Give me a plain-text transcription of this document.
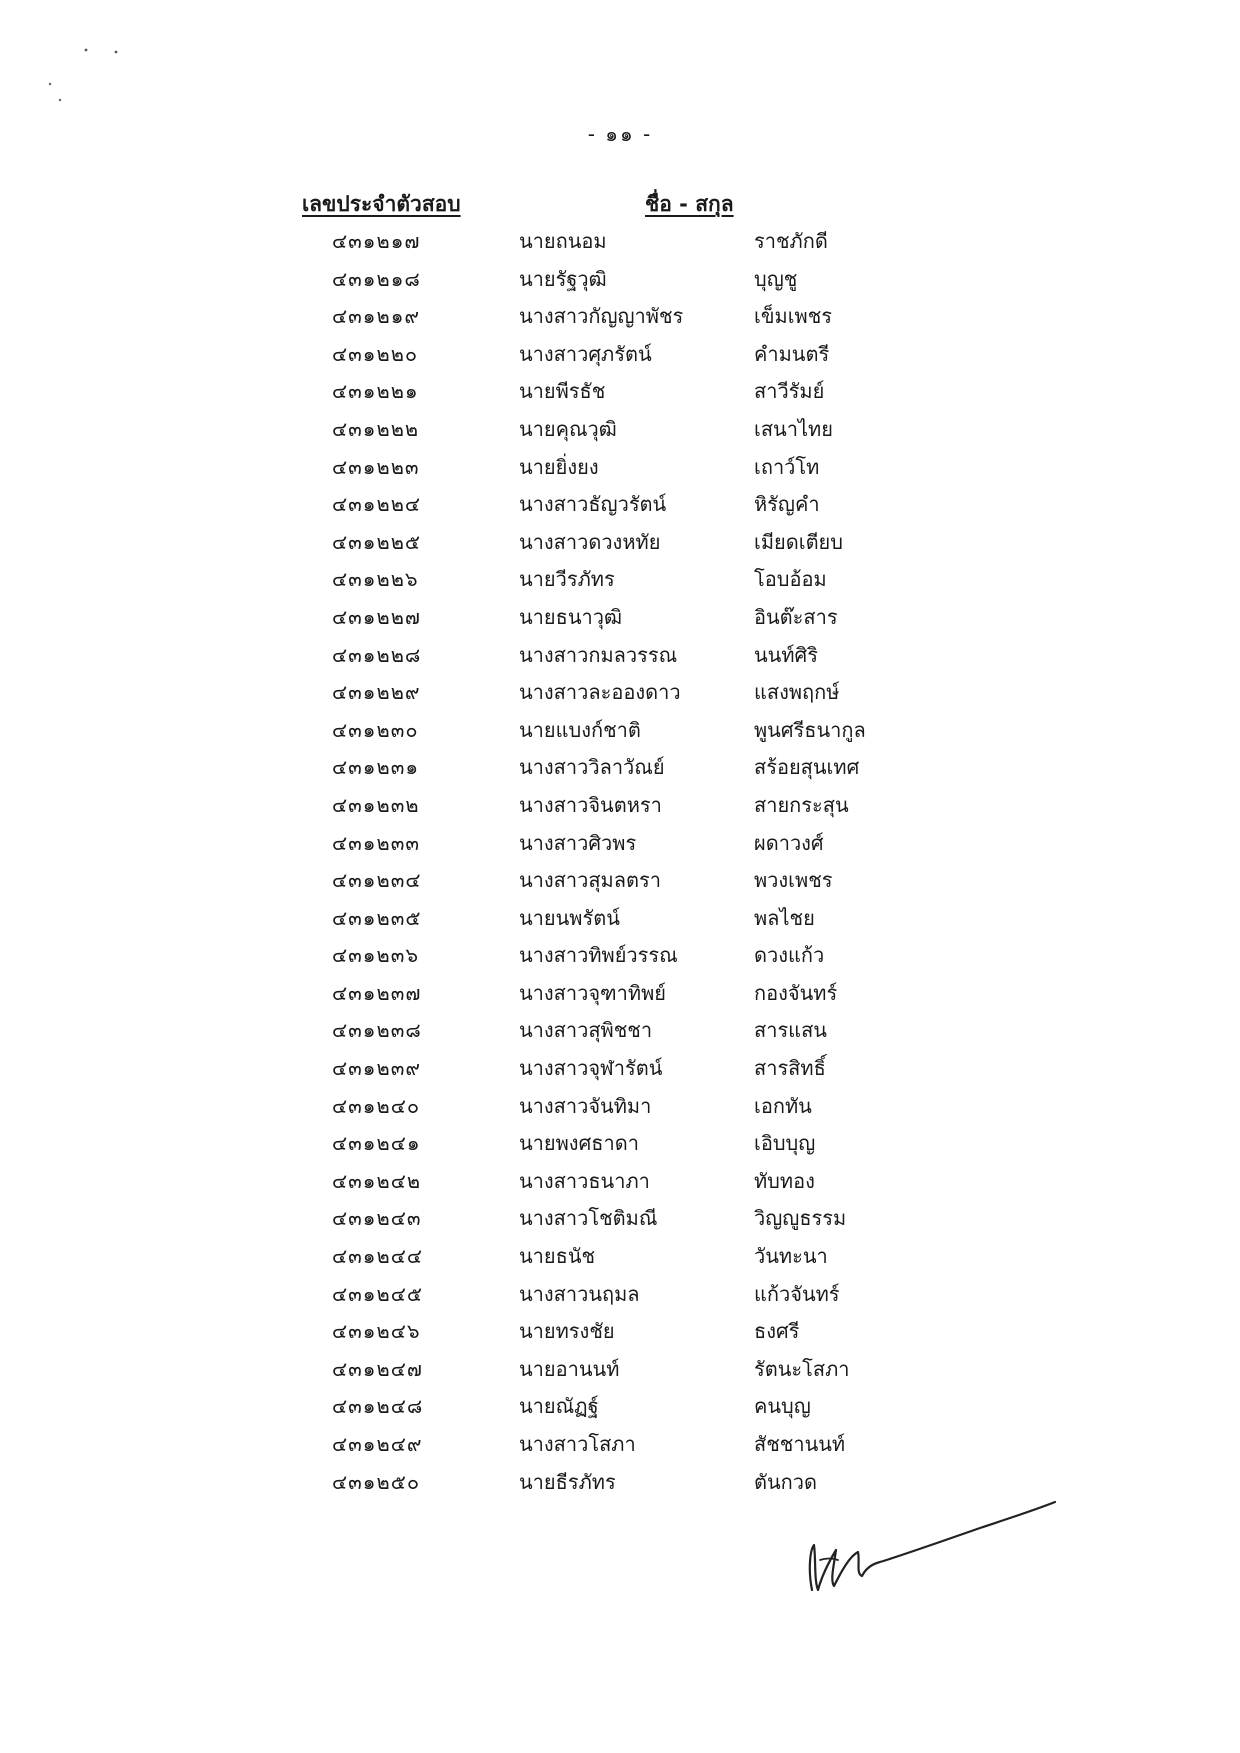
- ๑๑ -
เลขประจำตัวสอบ	ชื่อ - สกุล
๔๓๑๒๑๗	นายถนอม	ราชภักดี
๔๓๑๒๑๘	นายรัฐวุฒิ	บุญชู
๔๓๑๒๑๙	นางสาวกัญญาพัชร	เข็มเพชร
๔๓๑๒๒๐	นางสาวศุภรัตน์	คำมนตรี
๔๓๑๒๒๑	นายพีรธัช	สาวีรัมย์
๔๓๑๒๒๒	นายคุณวุฒิ	เสนาไทย
๔๓๑๒๒๓	นายยิ่งยง	เถาว์โท
๔๓๑๒๒๔	นางสาวธัญวรัตน์	หิรัญคำ
๔๓๑๒๒๕	นางสาวดวงหทัย	เมียดเตียบ
๔๓๑๒๒๖	นายวีรภัทร	โอบอ้อม
๔๓๑๒๒๗	นายธนาวุฒิ	อินต๊ะสาร
๔๓๑๒๒๘	นางสาวกมลวรรณ	นนท์ศิริ
๔๓๑๒๒๙	นางสาวละอองดาว	แสงพฤกษ์
๔๓๑๒๓๐	นายแบงก์ชาติ	พูนศรีธนากูล
๔๓๑๒๓๑	นางสาววิลาวัณย์	สร้อยสุนเทศ
๔๓๑๒๓๒	นางสาวจินตหรา	สายกระสุน
๔๓๑๒๓๓	นางสาวศิวพร	ผดาวงศ์
๔๓๑๒๓๔	นางสาวสุมลตรา	พวงเพชร
๔๓๑๒๓๕	นายนพรัตน์	พลไชย
๔๓๑๒๓๖	นางสาวทิพย์วรรณ	ดวงแก้ว
๔๓๑๒๓๗	นางสาวจุฑาทิพย์	กองจันทร์
๔๓๑๒๓๘	นางสาวสุพิชชา	สารแสน
๔๓๑๒๓๙	นางสาวจุฬารัตน์	สารสิทธิ์
๔๓๑๒๔๐	นางสาวจันทิมา	เอกทัน
๔๓๑๒๔๑	นายพงศธาดา	เอิบบุญ
๔๓๑๒๔๒	นางสาวธนาภา	ทับทอง
๔๓๑๒๔๓	นางสาวโชติมณี	วิญญูธรรม
๔๓๑๒๔๔	นายธนัช	วันทะนา
๔๓๑๒๔๕	นางสาวนฤมล	แก้วจันทร์
๔๓๑๒๔๖	นายทรงชัย	ธงศรี
๔๓๑๒๔๗	นายอานนท์	รัตนะโสภา
๔๓๑๒๔๘	นายณัฏฐ์	คนบุญ
๔๓๑๒๔๙	นางสาวโสภา	สัชชานนท์
๔๓๑๒๕๐	นายธีรภัทร	ตันกวด
